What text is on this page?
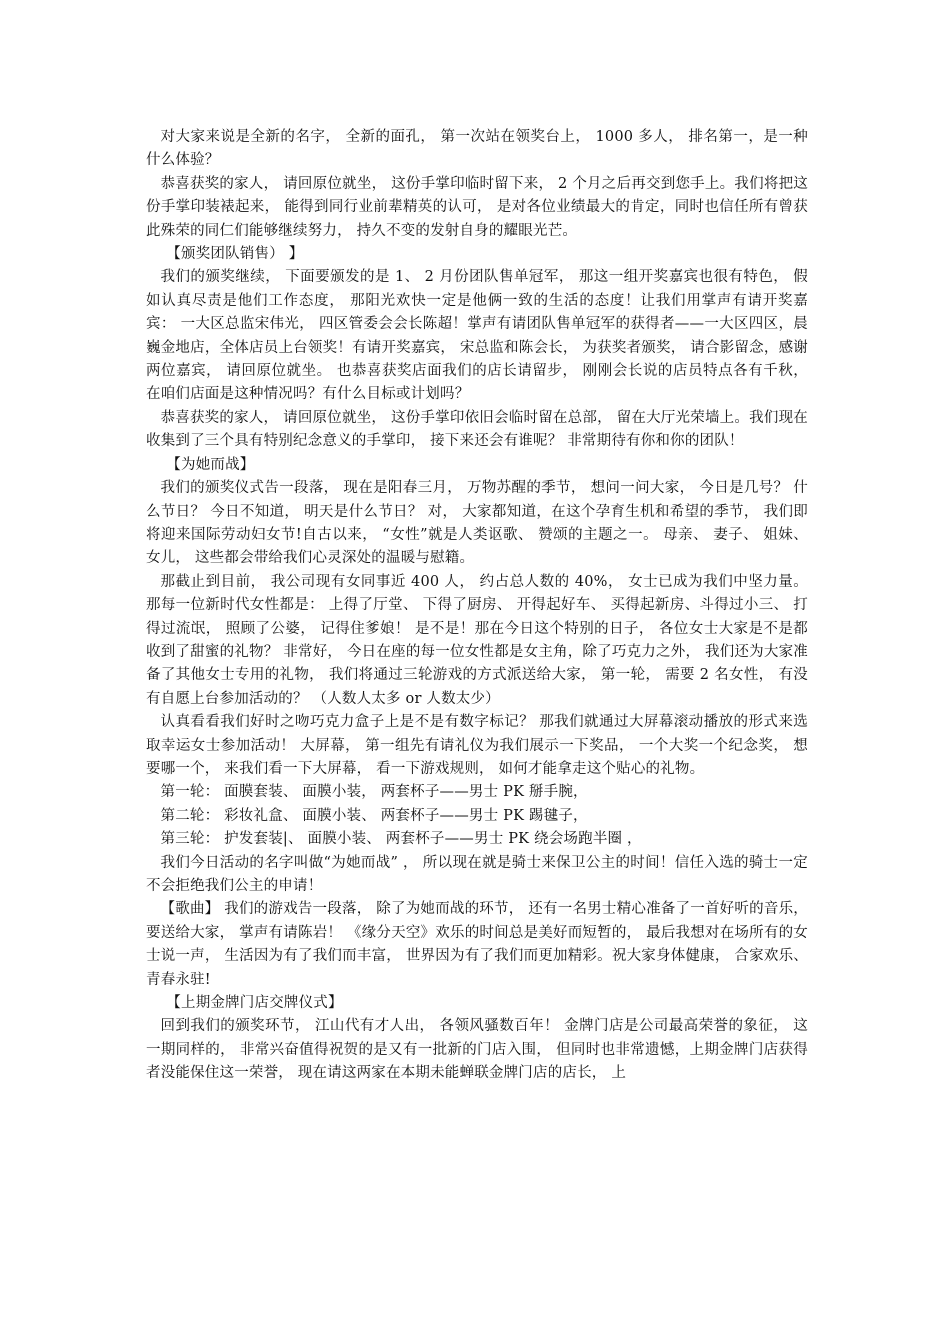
对大家来说是全新的名字， 全新的面孔， 第一次站在领奖台上， 1000 多人， 排名第一，是一种什么体验？

恭喜获奖的家人， 请回原位就坐， 这份手掌印临时留下来， 2 个月之后再交到您手上。我们将把这份手掌印装裱起来， 能得到同行业前辈精英的认可， 是对各位业绩最大的肯定，同时也信任所有曾获此殊荣的同仁们能够继续努力， 持久不变的发射自身的耀眼光芒。

【颁奖团队销售） 】

我们的颁奖继续， 下面要颁发的是 1、 2 月份团队售单冠军， 那这一组开奖嘉宾也很有特色， 假如认真尽责是他们工作态度， 那阳光欢快一定是他俩一致的生活的态度！让我们用掌声有请开奖嘉宾： 一大区总监宋伟光， 四区管委会会长陈超！掌声有请团队售单冠军的获得者——一大区四区，晨巍金地店，全体店员上台领奖！有请开奖嘉宾， 宋总监和陈会长， 为获奖者颁奖， 请合影留念，感谢两位嘉宾， 请回原位就坐。 也恭喜获奖店面我们的店长请留步， 刚刚会长说的店员特点各有千秋， 在咱们店面是这种情况吗？有什么目标或计划吗？

恭喜获奖的家人， 请回原位就坐， 这份手掌印依旧会临时留在总部， 留在大厅光荣墙上。我们现在收集到了三个具有特别纪念意义的手掌印， 接下来还会有谁呢？ 非常期待有你和你的团队！

【为她而战】

我们的颁奖仪式告一段落， 现在是阳春三月， 万物苏醒的季节， 想问一问大家， 今日是几号？ 什么节日？ 今日不知道， 明天是什么节日？ 对， 大家都知道，在这个孕育生机和希望的季节， 我们即将迎来国际劳动妇女节!自古以来， “女性”就是人类讴歌、 赞颂的主题之一。 母亲、 妻子、 姐妹、 女儿， 这些都会带给我们心灵深处的温暖与慰籍。

那截止到目前， 我公司现有女同事近 400 人， 约占总人数的 40%， 女士已成为我们中坚力量。 那每一位新时代女性都是： 上得了厅堂、 下得了厨房、 开得起好车、 买得起新房、斗得过小三、 打得过流氓， 照顾了公婆， 记得住爹娘！ 是不是！那在今日这个特别的日子， 各位女士大家是不是都收到了甜蜜的礼物？ 非常好， 今日在座的每一位女性都是女主角，除了巧克力之外， 我们还为大家准备了其他女士专用的礼物， 我们将通过三轮游戏的方式派送给大家， 第一轮， 需要 2 名女性， 有没有自愿上台参加活动的？ （人数人太多 or 人数太少）

认真看看我们好时之吻巧克力盒子上是不是有数字标记？ 那我们就通过大屏幕滚动播放的形式来选取幸运女士参加活动！ 大屏幕， 第一组先有请礼仪为我们展示一下奖品， 一个大奖一个纪念奖， 想要哪一个， 来我们看一下大屏幕， 看一下游戏规则， 如何才能拿走这个贴心的礼物。

第一轮： 面膜套装、 面膜小装， 两套杯子——男士 PK 掰手腕，

第二轮： 彩妆礼盒、 面膜小装、 两套杯子——男士 PK 踢毽子，

第三轮： 护发套装|、 面膜小装、 两套杯子——男士 PK 绕会场跑半圈 ，

我们今日活动的名字叫做“为她而战” ， 所以现在就是骑士来保卫公主的时间！信任入选的骑士一定不会拒绝我们公主的申请！

【歌曲】 我们的游戏告一段落， 除了为她而战的环节， 还有一名男士精心准备了一首好听的音乐， 要送给大家， 掌声有请陈岩！ 《缘分天空》欢乐的时间总是美好而短暂的， 最后我想对在场所有的女士说一声， 生活因为有了我们而丰富， 世界因为有了我们而更加精彩。祝大家身体健康， 合家欢乐、 青春永驻!

【上期金牌门店交牌仪式】

回到我们的颁奖环节， 江山代有才人出， 各领风骚数百年！ 金牌门店是公司最高荣誉的象征， 这一期同样的， 非常兴奋值得祝贺的是又有一批新的门店入围， 但同时也非常遗憾，上期金牌门店获得者没能保住这一荣誉， 现在请这两家在本期未能蝉联金牌门店的店长， 上
